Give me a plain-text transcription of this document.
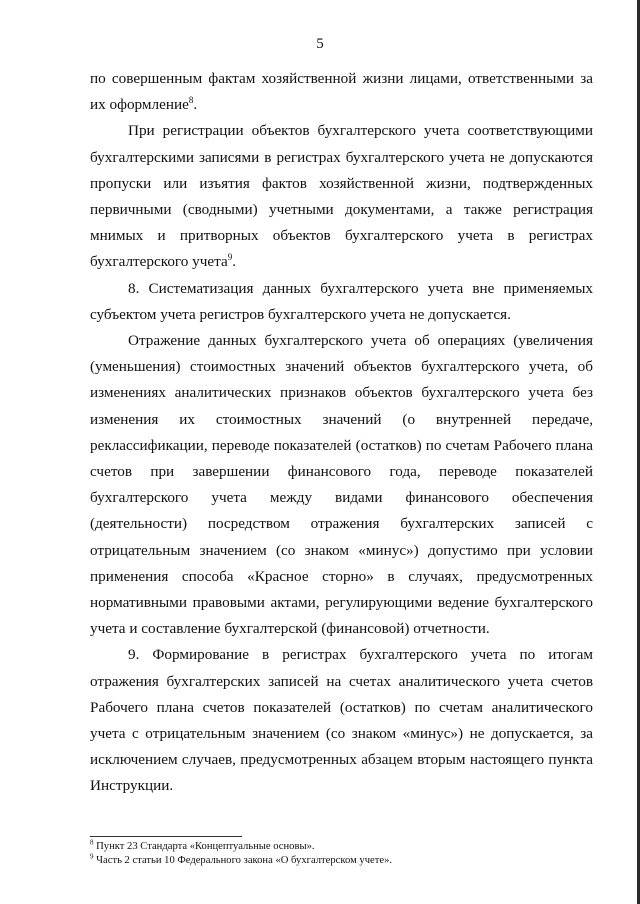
5

по совершенным фактам хозяйственной жизни лицами, ответственными за их оформление$^8$.

При регистрации объектов бухгалтерского учета соответствующими бухгалтерскими записями в регистрах бухгалтерского учета не допускаются пропуски или изъятия фактов хозяйственной жизни, подтвержденных первичными (сводными) учетными документами, а также регистрация мнимых и притворных объектов бухгалтерского учета в регистрах бухгалтерского учета$^9$.

8. Систематизация данных бухгалтерского учета вне применяемых субъектом учета регистров бухгалтерского учета не допускается.

Отражение данных бухгалтерского учета об операциях (увеличения (уменьшения) стоимостных значений объектов бухгалтерского учета, об изменениях аналитических признаков объектов бухгалтерского учета без изменения их стоимостных значений (о внутренней передаче, реклассификации, переводе показателей (остатков) по счетам Рабочего плана счетов при завершении финансового года, переводе показателей бухгалтерского учета между видами финансового обеспечения (деятельности) посредством отражения бухгалтерских записей с отрицательным значением (со знаком «минус») допустимо при условии применения способа «Красное сторно» в случаях, предусмотренных нормативными правовыми актами, регулирующими ведение бухгалтерского учета и составление бухгалтерской (финансовой) отчетности.

9. Формирование в регистрах бухгалтерского учета по итогам отражения бухгалтерских записей на счетах аналитического учета счетов Рабочего плана счетов показателей (остатков) по счетам аналитического учета с отрицательным значением (со знаком «минус») не допускается, за исключением случаев, предусмотренных абзацем вторым настоящего пункта Инструкции.

$^8$ Пункт 23 Стандарта «Концептуальные основы».

$^9$ Часть 2 статьи 10 Федерального закона «О бухгалтерском учете».
